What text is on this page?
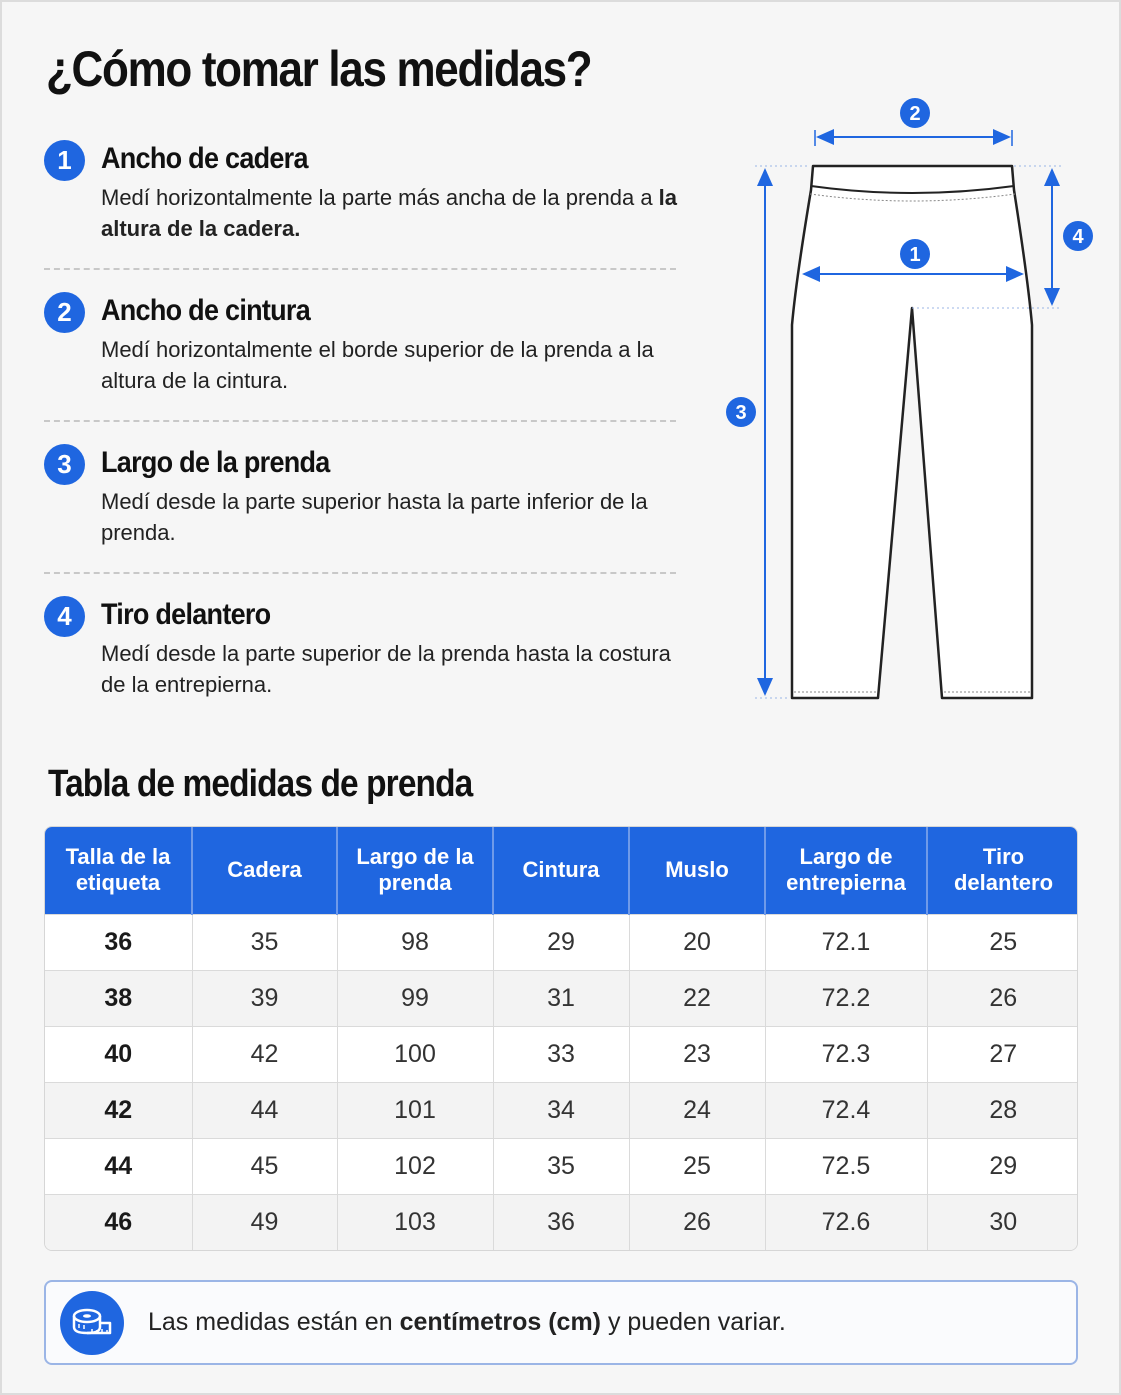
¿Cómo tomar las medidas?
1 Ancho de cadera

Medí horizontalmente la parte más ancha de la prenda a la altura de la cadera.

2 Ancho de cintura

Medí horizontalmente el borde superior de la prenda a la altura de la cintura.

3 Largo de la prenda

Medí desde la parte superior hasta la parte inferior de la prenda.

4 Tiro delantero

Medí desde la parte superior de la prenda hasta la costura de la entrepierna.

2
1
3
4
Tabla de medidas de prenda
Talla de la etiqueta	Cadera	Largo de la prenda	Cintura	Muslo	Largo de entrepierna	Tiro delantero
36	35	98	29	20	72.1	25
38	39	99	31	22	72.2	26
40	42	100	33	23	72.3	27
42	44	101	34	24	72.4	28
44	45	102	35	25	72.5	29
46	49	103	36	26	72.6	30

Las medidas están en centímetros (cm) y pueden variar.
